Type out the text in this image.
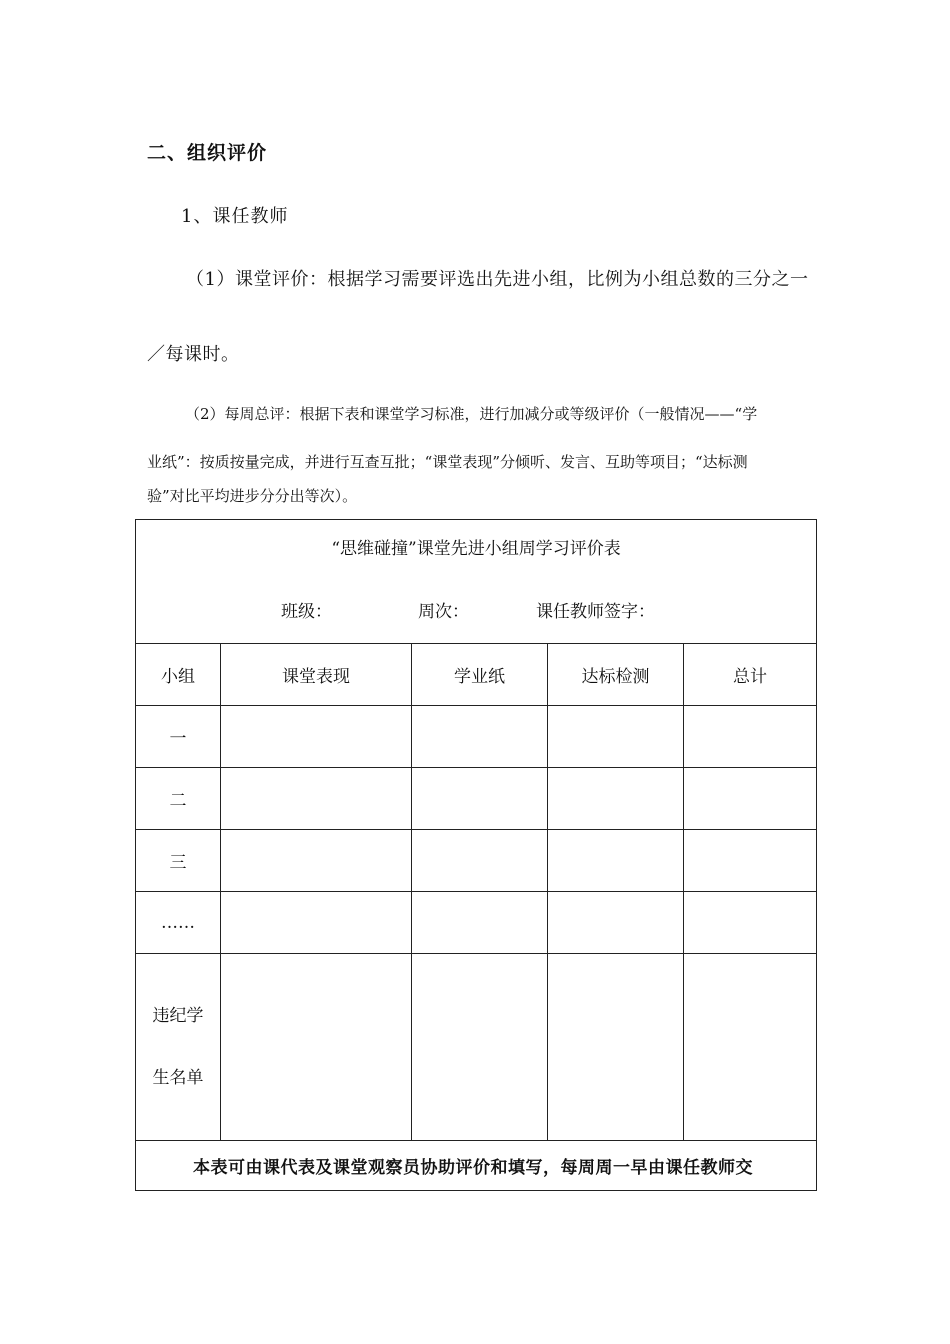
二、组织评价
1、课任教师
（1）课堂评价：根据学习需要评选出先进小组，比例为小组总数的三分之一
／每课时。
（2）每周总评：根据下表和课堂学习标准，进行加减分或等级评价（一般情况——“学
业纸”：按质按量完成，并进行互查互批；“课堂表现”分倾听、发言、互助等项目；“达标测
验”对比平均进步分分出等次）。
“思维碰撞”课堂先进小组周学习评价表
班级： 周次： 课任教师签字：				

小组	课堂表现	学业纸	达标检测	总计
一				
二				
三				
……				

违纪学
生名单				

本表可由课代表及课堂观察员协助评价和填写，每周周一早由课任教师交				
